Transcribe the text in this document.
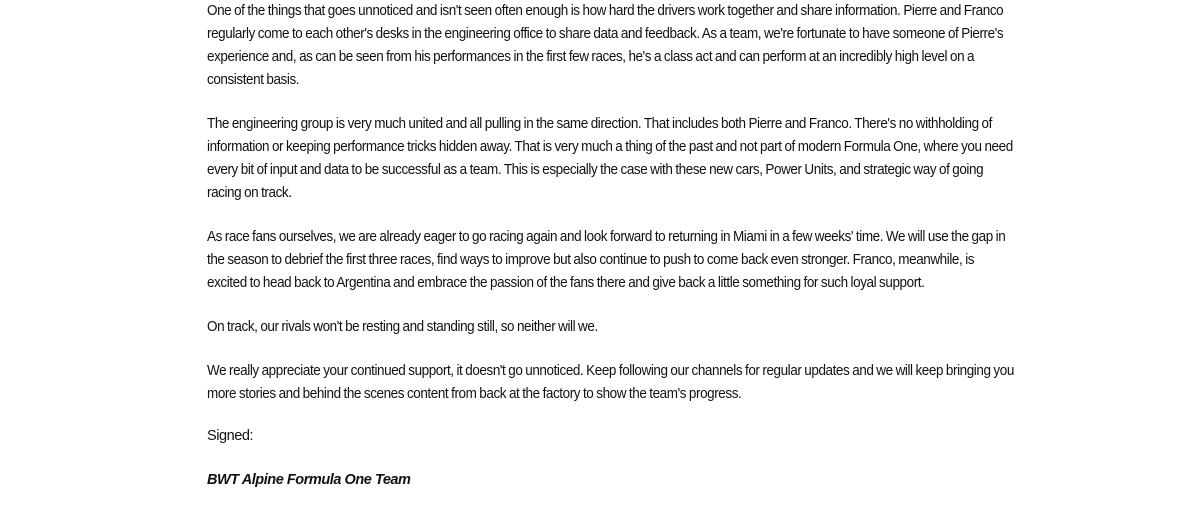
One of the things that goes unnoticed and isn't seen often enough is how hard the drivers work together and share information. Pierre and Franco regularly come to each other's desks in the engineering office to share data and feedback. As a team, we're fortunate to have someone of Pierre's experience and, as can be seen from his performances in the first few races, he's a class act and can perform at an incredibly high level on a consistent basis.

The engineering group is very much united and all pulling in the same direction. That includes both Pierre and Franco. There's no withholding of information or keeping performance tricks hidden away. That is very much a thing of the past and not part of modern Formula One, where you need every bit of input and data to be successful as a team. This is especially the case with these new cars, Power Units, and strategic way of going racing on track.

As race fans ourselves, we are already eager to go racing again and look forward to returning in Miami in a few weeks' time. We will use the gap in the season to debrief the first three races, find ways to improve but also continue to push to come back even stronger. Franco, meanwhile, is excited to head back to Argentina and embrace the passion of the fans there and give back a little something for such loyal support.

On track, our rivals won't be resting and standing still, so neither will we.

We really appreciate your continued support, it doesn't go unnoticed. Keep following our channels for regular updates and we will keep bringing you more stories and behind the scenes content from back at the factory to show the team's progress.

Signed:

BWT Alpine Formula One Team
